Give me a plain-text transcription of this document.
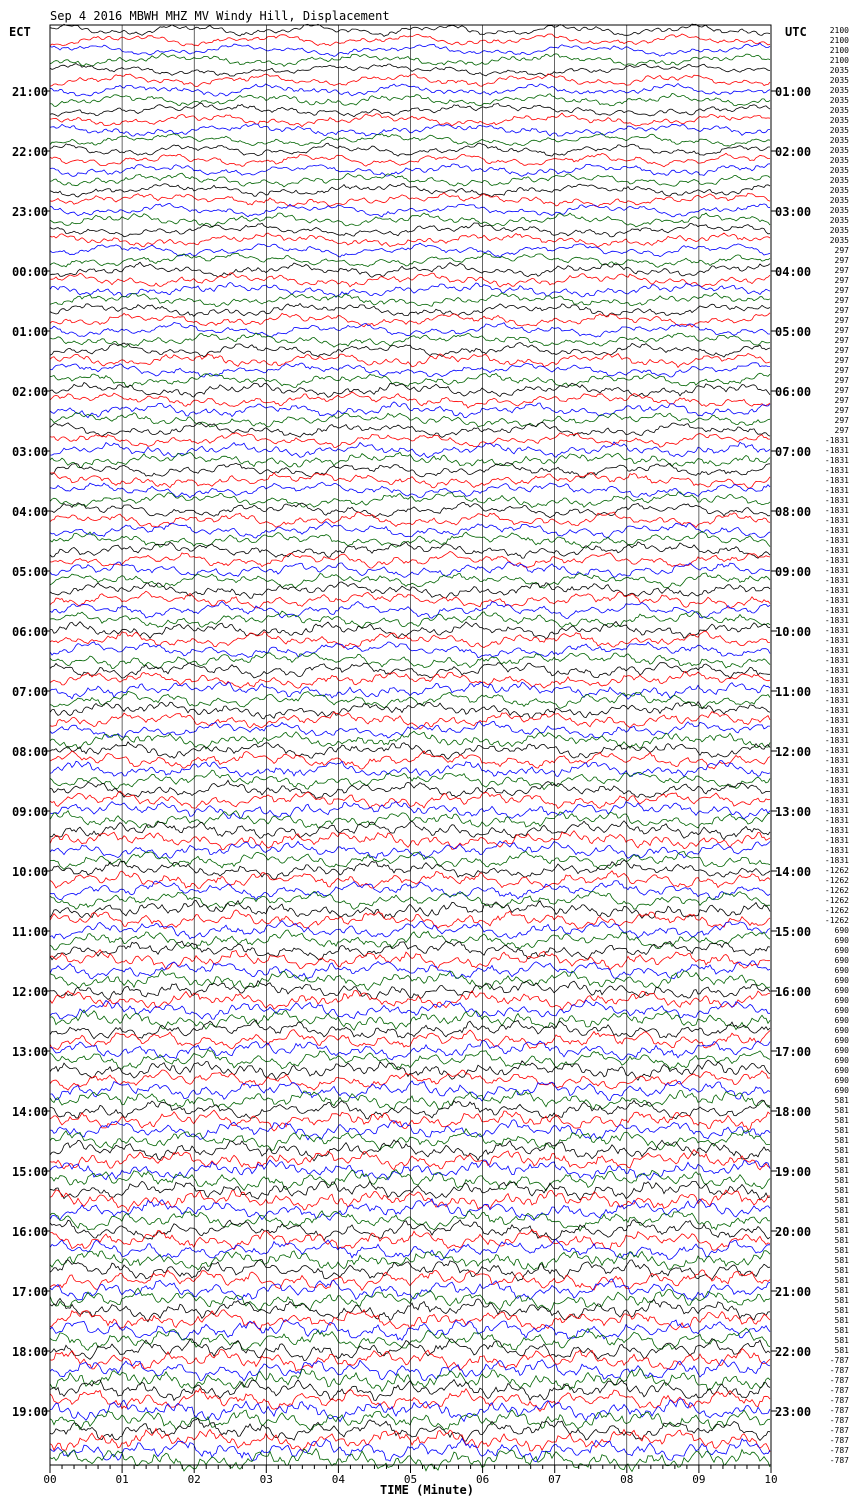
00	01	02	03	04	05	06	07	08	09	10
21:00
22:00
23:00
00:00
01:00
02:00
03:00
04:00
05:00
06:00
07:00
08:00
09:00
10:00
11:00
12:00
13:00
14:00
15:00
16:00
17:00
18:00
19:00
01:00
02:00
03:00
04:00
05:00
06:00
07:00
08:00
09:00
10:00
11:00
12:00
13:00
14:00
15:00
16:00
17:00
18:00
19:00
20:00
21:00
22:00
23:00
2100
2100
2100
2100
2035
2035
2035
2035
2035
2035
2035
2035
2035
2035
2035
2035
2035
2035
2035
2035
2035
2035
297
297
297
297
297
297
297
297
297
297
297
297
297
297
297
297
297
297
297
-1831
-1831
-1831
-1831
-1831
-1831
-1831
-1831
-1831
-1831
-1831
-1831
-1831
-1831
-1831
-1831
-1831
-1831
-1831
-1831
-1831
-1831
-1831
-1831
-1831
-1831
-1831
-1831
-1831
-1831
-1831
-1831
-1831
-1831
-1831
-1831
-1831
-1831
-1831
-1831
-1831
-1831
-1831
-1262
-1262
-1262
-1262
-1262
-1262
690
690
690
690
690
690
690
690
690
690
690
690
690
690
690
690
690
581
581
581
581
581
581
581
581
581
581
581
581
581
581
581
581
581
581
581
581
581
581
581
581
581
581
-787
-787
-787
-787
-787
-787
-787
-787
-787
-787
-787
Sep 4 2016 MBWH MHZ MV Windy Hill, Displacement
ECT	UTC
TIME (Minute)
